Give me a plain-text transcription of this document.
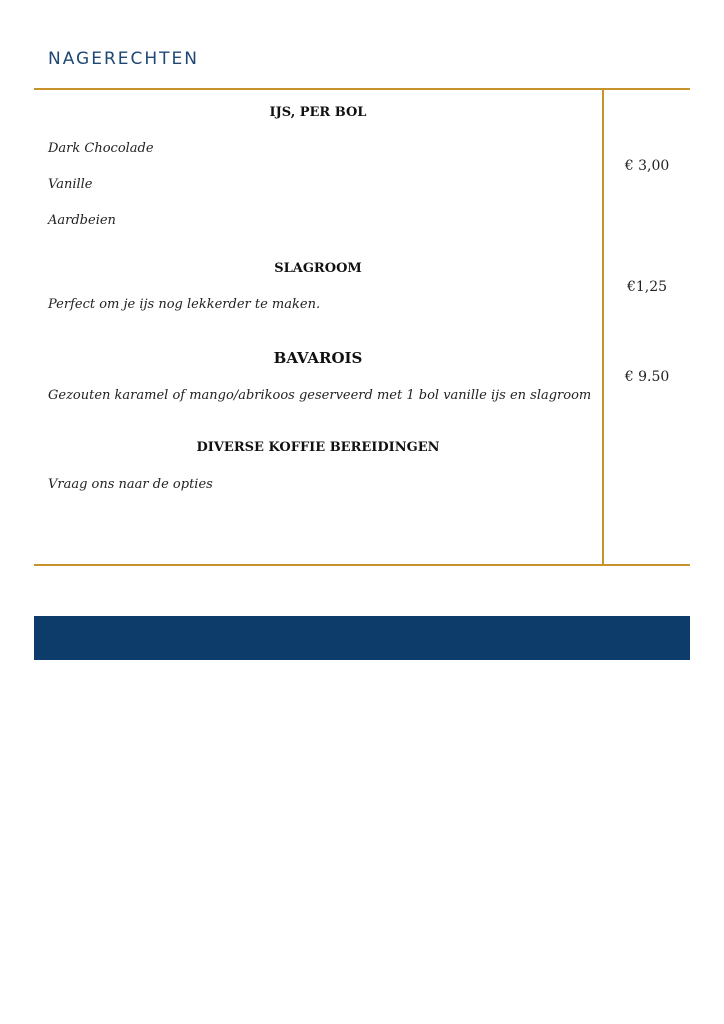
NAGERECHTEN
IJS, PER BOL
Dark Chocolade
Vanille
Aardbeien
€ 3,00
SLAGROOM
Perfect om je ijs nog lekkerder te maken.
€1,25
BAVAROIS
Gezouten karamel of mango/abrikoos geserveerd met 1 bol vanille ijs en slagroom
€ 9.50
DIVERSE KOFFIE BEREIDINGEN
Vraag ons naar de opties
